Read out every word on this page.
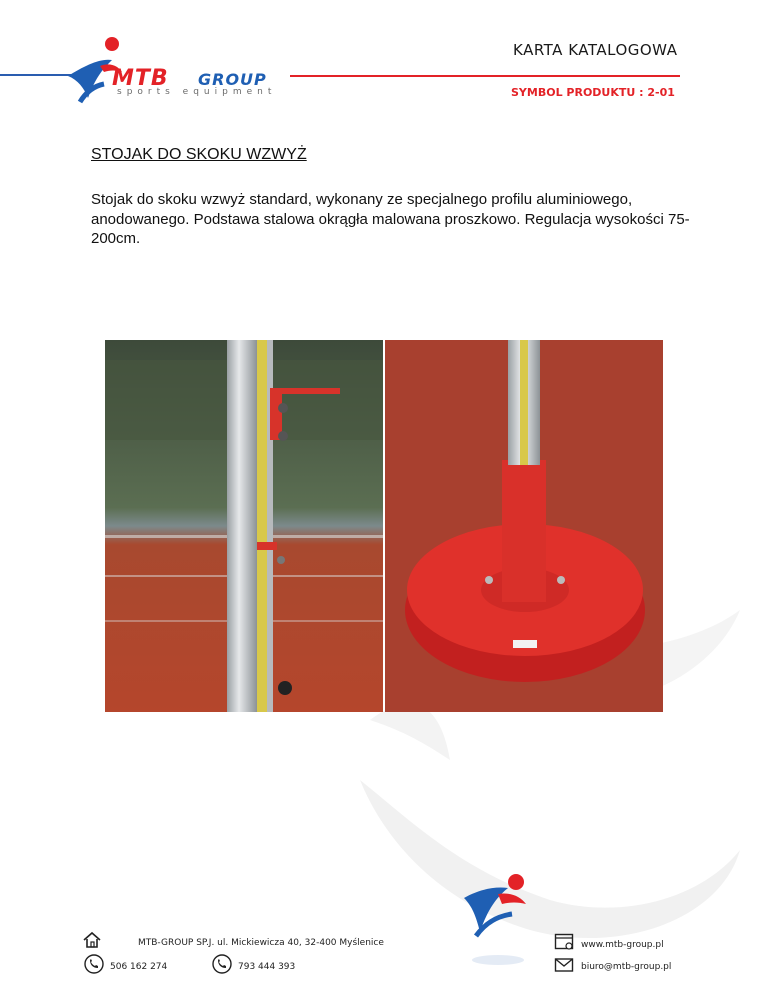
MTB GROUP
sports equipment
KARTA KATALOGOWA
SYMBOL PRODUKTU : 2-01
STOJAK DO SKOKU WZWYŻ
Stojak do skoku wzwyż standard, wykonany ze specjalnego profilu aluminiowego, anodowanego. Podstawa stalowa okrągła malowana proszkowo. Regulacja wysokości 75-200cm.
MTB-GROUP SP.J. ul. Mickiewicza 40, 32-400 Myślenice
506 162 274	793 444 393
www.mtb-group.pl
biuro@mtb-group.pl
